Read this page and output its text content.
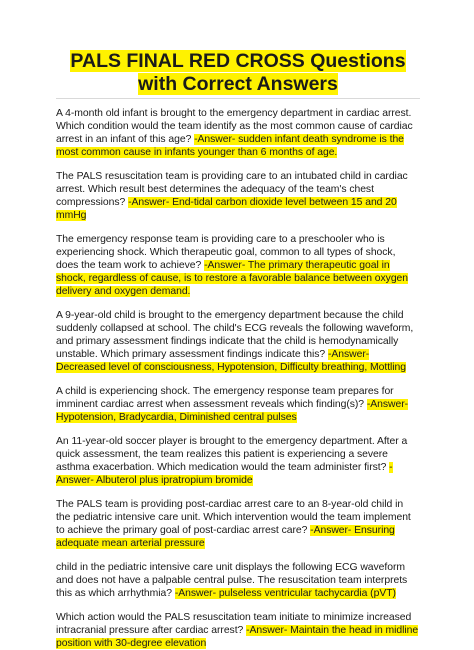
PALS FINAL RED CROSS Questions with Correct Answers

A 4-month old infant is brought to the emergency department in cardiac arrest. Which condition would the team identify as the most common cause of cardiac arrest in an infant of this age? -Answer- sudden infant death syndrome is the most common cause in infants younger than 6 months of age.

The PALS resuscitation team is providing care to an intubated child in cardiac arrest. Which result best determines the adequacy of the team's chest compressions? -Answer- End-tidal carbon dioxide level between 15 and 20 mmHg

The emergency response team is providing care to a preschooler who is experiencing shock. Which therapeutic goal, common to all types of shock, does the team work to achieve? -Answer- The primary therapeutic goal in shock, regardless of cause, is to restore a favorable balance between oxygen delivery and oxygen demand.

A 9-year-old child is brought to the emergency department because the child suddenly collapsed at school. The child's ECG reveals the following waveform, and primary assessment findings indicate that the child is hemodynamically unstable. Which primary assessment findings indicate this? -Answer- Decreased level of consciousness, Hypotension, Difficulty breathing, Mottling

A child is experiencing shock. The emergency response team prepares for imminent cardiac arrest when assessment reveals which finding(s)? -Answer- Hypotension, Bradycardia, Diminished central pulses

An 11-year-old soccer player is brought to the emergency department. After a quick assessment, the team realizes this patient is experiencing a severe asthma exacerbation. Which medication would the team administer first? -Answer- Albuterol plus ipratropium bromide

The PALS team is providing post-cardiac arrest care to an 8-year-old child in the pediatric intensive care unit. Which intervention would the team implement to achieve the primary goal of post-cardiac arrest care? -Answer- Ensuring adequate mean arterial pressure

child in the pediatric intensive care unit displays the following ECG waveform and does not have a palpable central pulse. The resuscitation team interprets this as which arrhythmia? -Answer- pulseless ventricular tachycardia (pVT)

Which action would the PALS resuscitation team initiate to minimize increased intracranial pressure after cardiac arrest? -Answer- Maintain the head in midline position with 30-degree elevation
